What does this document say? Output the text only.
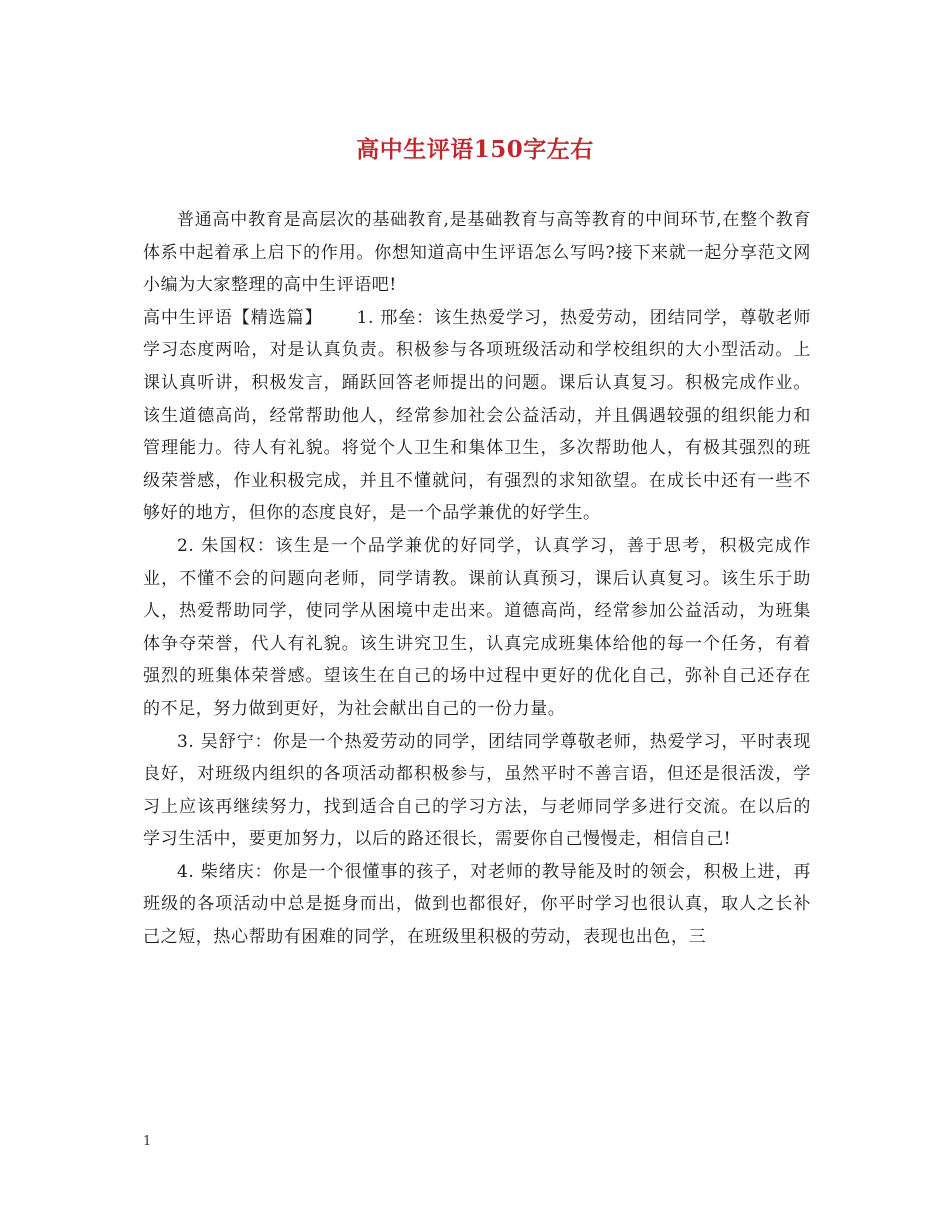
高中生评语150字左右

普通高中教育是高层次的基础教育,是基础教育与高等教育的中间环节,在整个教育体系中起着承上启下的作用。你想知道高中生评语怎么写吗?接下来就一起分享范文网小编为大家整理的高中生评语吧!

高中生评语【精选篇】 1. 邢垒：该生热爱学习，热爱劳动，团结同学，尊敬老师学习态度两哈，对是认真负责。积极参与各项班级活动和学校组织的大小型活动。上课认真听讲，积极发言，踊跃回答老师提出的问题。课后认真复习。积极完成作业。该生道德高尚，经常帮助他人，经常参加社会公益活动，并且偶遇较强的组织能力和管理能力。待人有礼貌。将觉个人卫生和集体卫生，多次帮助他人，有极其强烈的班级荣誉感，作业积极完成，并且不懂就问，有强烈的求知欲望。在成长中还有一些不够好的地方，但你的态度良好，是一个品学兼优的好学生。

2. 朱国权：该生是一个品学兼优的好同学，认真学习，善于思考，积极完成作业，不懂不会的问题向老师，同学请教。课前认真预习，课后认真复习。该生乐于助人，热爱帮助同学，使同学从困境中走出来。道德高尚，经常参加公益活动，为班集体争夺荣誉，代人有礼貌。该生讲究卫生，认真完成班集体给他的每一个任务，有着强烈的班集体荣誉感。望该生在自己的场中过程中更好的优化自己，弥补自己还存在的不足，努力做到更好，为社会献出自己的一份力量。

3. 吴舒宁：你是一个热爱劳动的同学，团结同学尊敬老师，热爱学习，平时表现良好，对班级内组织的各项活动都积极参与，虽然平时不善言语，但还是很活泼，学习上应该再继续努力，找到适合自己的学习方法，与老师同学多进行交流。在以后的学习生活中，要更加努力，以后的路还很长，需要你自己慢慢走，相信自己!

4. 柴绪庆：你是一个很懂事的孩子，对老师的教导能及时的领会，积极上进，再班级的各项活动中总是挺身而出，做到也都很好，你平时学习也很认真，取人之长补己之短，热心帮助有困难的同学，在班级里积极的劳动，表现也出色，三

1
